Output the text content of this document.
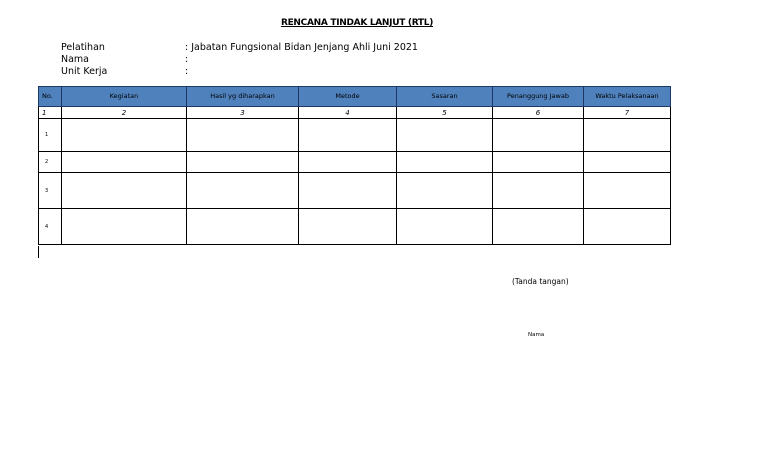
RENCANA TINDAK LANJUT (RTL)
Pelatihan	: Jabatan Fungsional Bidan Jenjang Ahli Juni 2021
Nama	:
Unit Kerja	:
No.	Kegiatan	Hasil yg diharapkan	Metode	Sasaran	Penanggung Jawab	Waktu Pelaksanaan
1	2	3	4	5	6	7
1						
2						
3						
4						
(Tanda tangan)
Nama
